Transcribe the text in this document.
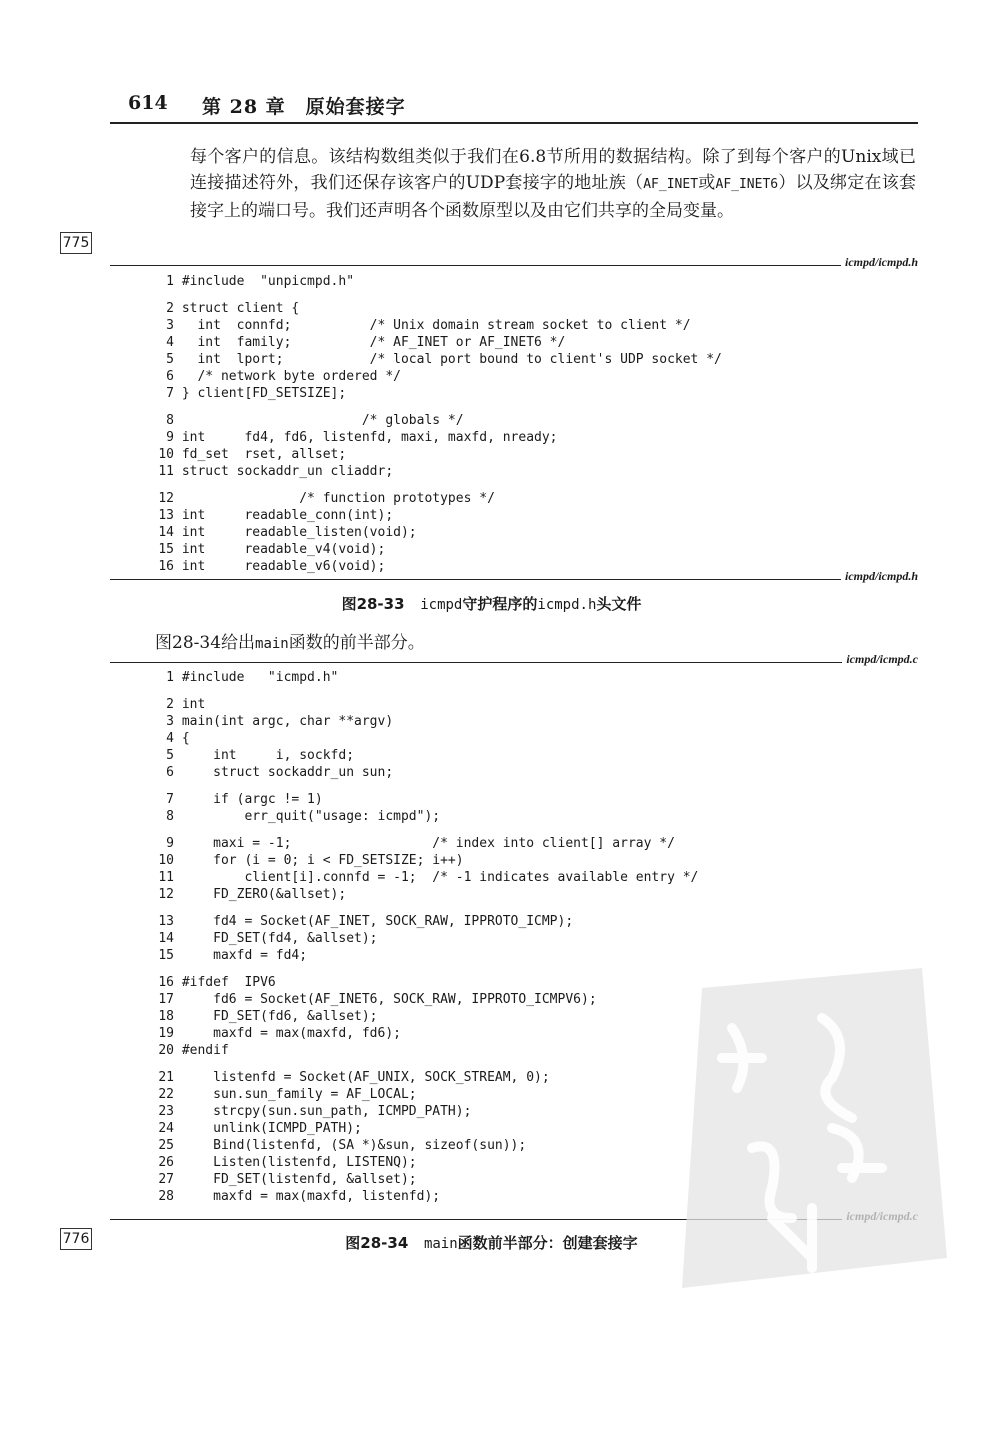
614 第 28 章　原始套接字
775
776

每个客户的信息。该结构数组类似于我们在6.8节所用的数据结构。除了到每个客户的Unix域已连接描述符外，我们还保存该客户的UDP套接字的地址族（AF_INET或AF_INET6）以及绑定在该套接字上的端口号。我们还声明各个函数原型以及由它们共享的全局变量。

icmpd/icmpd.h
1 #include  "unpicmpd.h"
2 struct client {
3   int  connfd;          /* Unix domain stream socket to client */
4   int  family;          /* AF_INET or AF_INET6 */
5   int  lport;           /* local port bound to client's UDP socket */
6   /* network byte ordered */
7 } client[FD_SETSIZE];
8                        /* globals */
9 int     fd4, fd6, listenfd, maxi, maxfd, nready;
10 fd_set  rset, allset;
11 struct sockaddr_un cliaddr;
12                /* function prototypes */
13 int     readable_conn(int);
14 int     readable_listen(void);
15 int     readable_v4(void);
16 int     readable_v6(void);
icmpd/icmpd.h
图28-33 icmpd守护程序的icmpd.h头文件
图28-34给出main函数的前半部分。
icmpd/icmpd.c
1 #include   "icmpd.h"
2 int
3 main(int argc, char **argv)
4 {
5     int     i, sockfd;
6     struct sockaddr_un sun;
7     if (argc != 1)
8         err_quit("usage: icmpd");
9     maxi = -1;                  /* index into client[] array */
10     for (i = 0; i < FD_SETSIZE; i++)
11         client[i].connfd = -1;  /* -1 indicates available entry */
12     FD_ZERO(&allset);
13     fd4 = Socket(AF_INET, SOCK_RAW, IPPROTO_ICMP);
14     FD_SET(fd4, &allset);
15     maxfd = fd4;
16 #ifdef  IPV6
17     fd6 = Socket(AF_INET6, SOCK_RAW, IPPROTO_ICMPV6);
18     FD_SET(fd6, &allset);
19     maxfd = max(maxfd, fd6);
20 #endif
21     listenfd = Socket(AF_UNIX, SOCK_STREAM, 0);
22     sun.sun_family = AF_LOCAL;
23     strcpy(sun.sun_path, ICMPD_PATH);
24     unlink(ICMPD_PATH);
25     Bind(listenfd, (SA *)&sun, sizeof(sun));
26     Listen(listenfd, LISTENQ);
27     FD_SET(listenfd, &allset);
28     maxfd = max(maxfd, listenfd);
图28-34 main函数前半部分：创建套接字
